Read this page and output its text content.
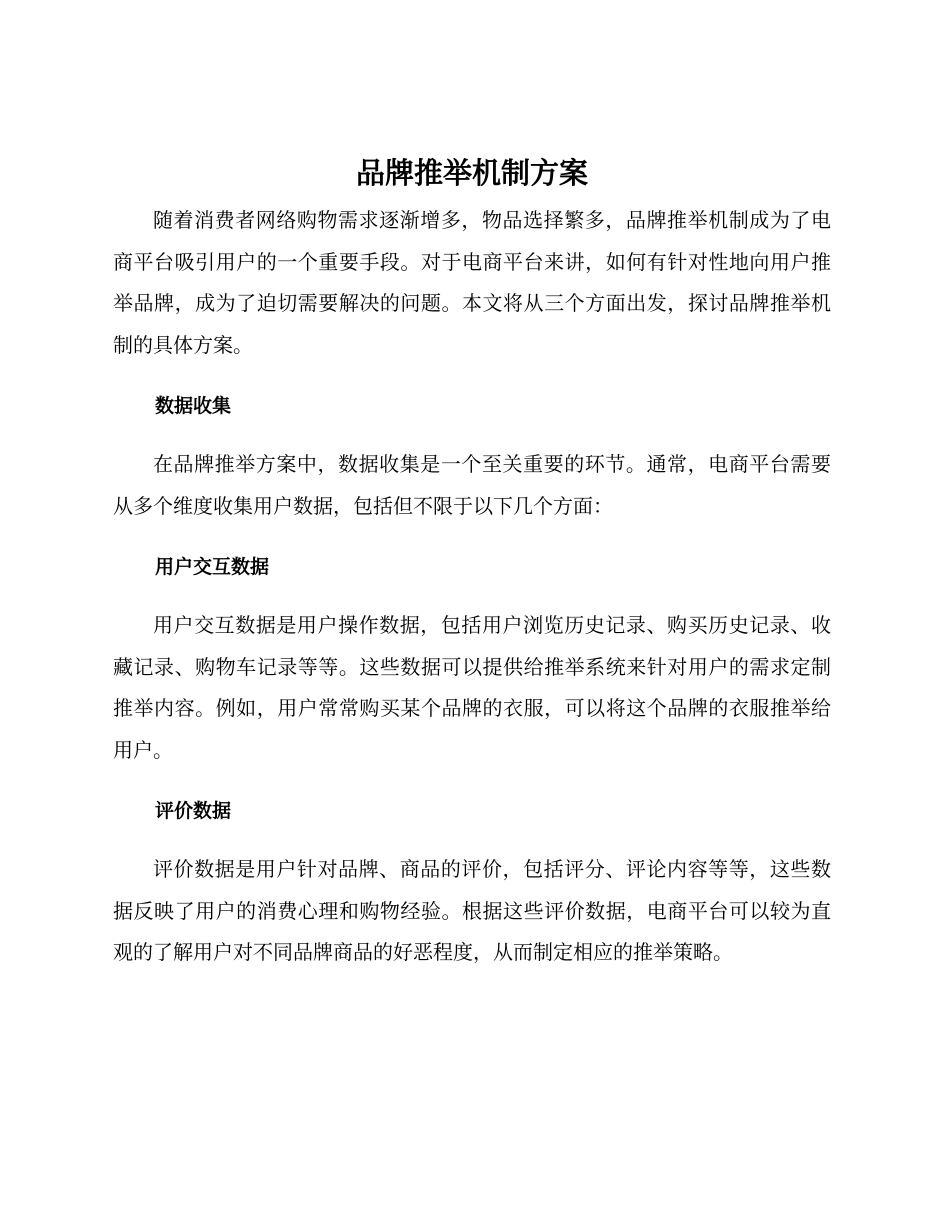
品牌推举机制方案

随着消费者网络购物需求逐渐增多，物品选择繁多，品牌推举机制成为了电商平台吸引用户的一个重要手段。对于电商平台来讲，如何有针对性地向用户推举品牌，成为了迫切需要解决的问题。本文将从三个方面出发，探讨品牌推举机制的具体方案。

数据收集

在品牌推举方案中，数据收集是一个至关重要的环节。通常，电商平台需要从多个维度收集用户数据，包括但不限于以下几个方面：

用户交互数据

用户交互数据是用户操作数据，包括用户浏览历史记录、购买历史记录、收藏记录、购物车记录等等。这些数据可以提供给推举系统来针对用户的需求定制推举内容。例如，用户常常购买某个品牌的衣服，可以将这个品牌的衣服推举给用户。

评价数据

评价数据是用户针对品牌、商品的评价，包括评分、评论内容等等，这些数据反映了用户的消费心理和购物经验。根据这些评价数据，电商平台可以较为直观的了解用户对不同品牌商品的好恶程度，从而制定相应的推举策略。
